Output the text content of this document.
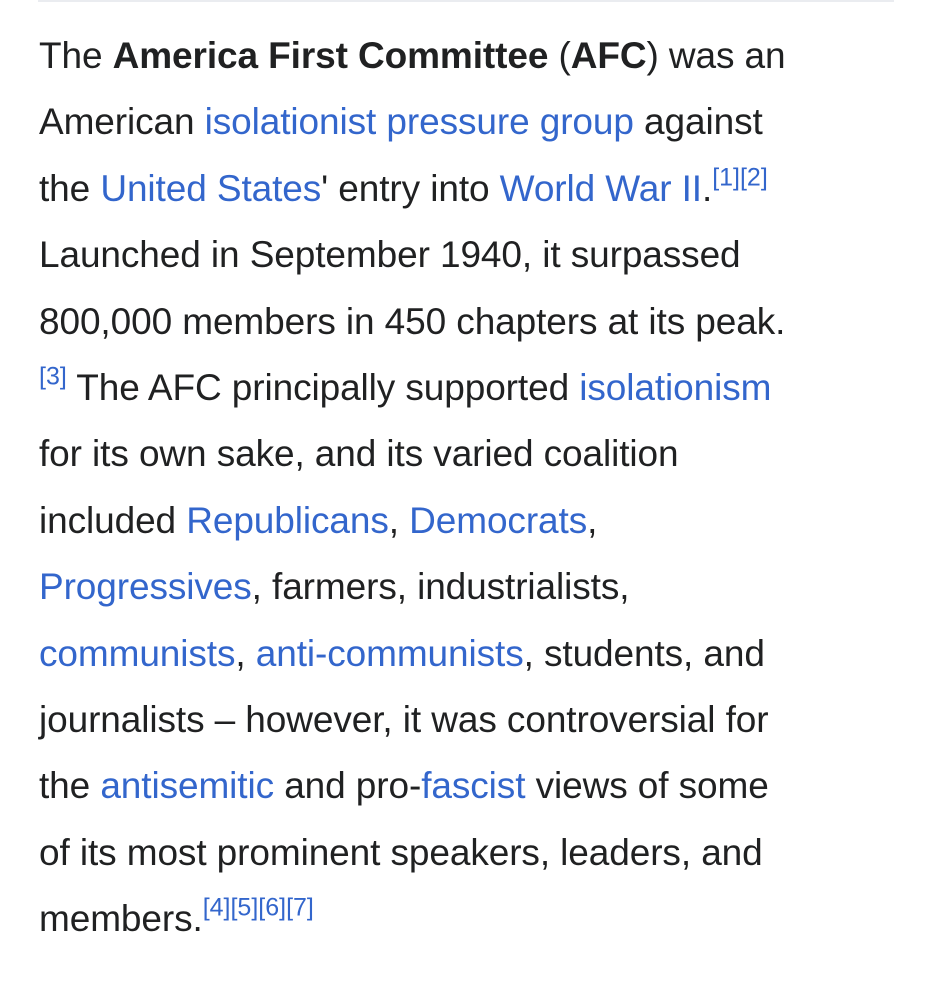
The America First Committee (AFC) was an
American isolationist pressure group against
the United States' entry into World War II.[1][2]
Launched in September 1940, it surpassed
800,000 members in 450 chapters at its peak.
[3] The AFC principally supported isolationism
for its own sake, and its varied coalition
included Republicans, Democrats,
Progressives, farmers, industrialists,
communists, anti-communists, students, and
journalists – however, it was controversial for
the antisemitic and pro-fascist views of some
of its most prominent speakers, leaders, and
members.[4][5][6][7]
